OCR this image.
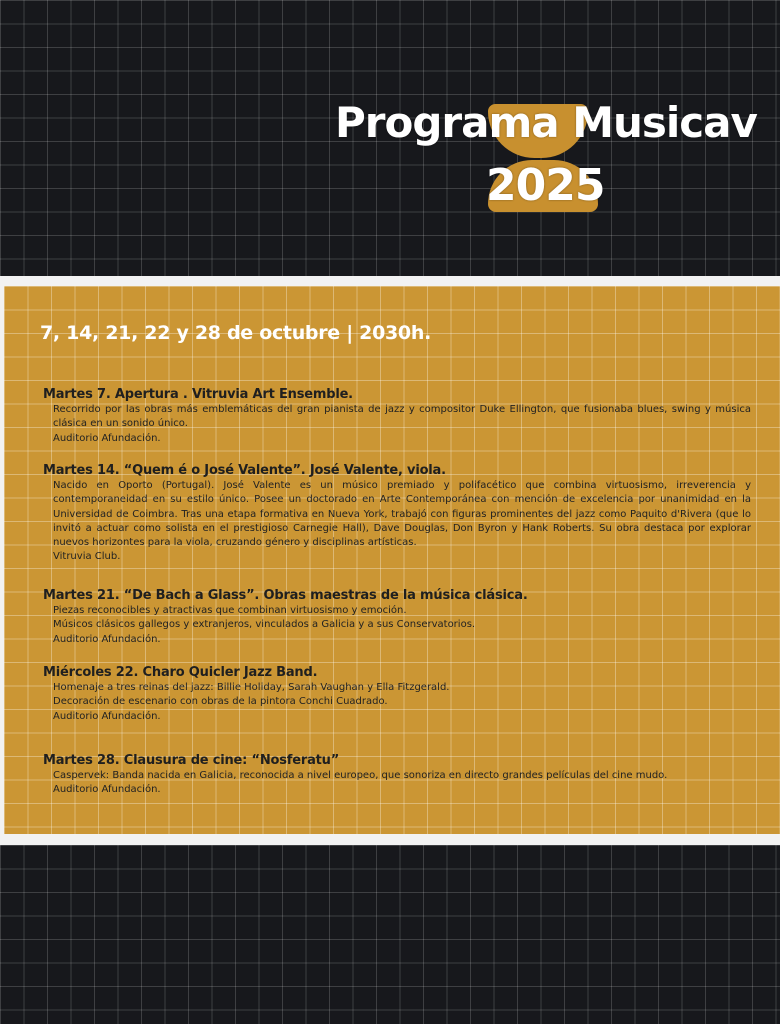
Programa Musicav
2025
7, 14, 21, 22 y 28 de octubre | 2030h.
Martes 7. Apertura . Vitruvia Art Ensemble.

Recorrido por las obras más emblemáticas del gran pianista de jazz y compositor Duke Ellington, que fusionaba blues, swing y música clásica en un sonido único.

Auditorio Afundación.

Martes 14. “Quem é o José Valente”. José Valente, viola.

Nacido en Oporto (Portugal). José Valente es un músico premiado y polifacético que combina virtuosismo, irreverencia y contemporaneidad en su estilo único. Posee un doctorado en Arte Contemporánea con mención de excelencia por unanimidad en la Universidad de Coimbra. Tras una etapa formativa en Nueva York, trabajó con figuras prominentes del jazz como Paquito d'Rivera (que lo invitó a actuar como solista en el prestigioso Carnegie Hall), Dave Douglas, Don Byron y Hank Roberts. Su obra destaca por explorar nuevos horizontes para la viola, cruzando género y disciplinas artísticas.

Vitruvia Club.

Martes 21. “De Bach a Glass”. Obras maestras de la música clásica.

Piezas reconocibles y atractivas que combinan virtuosismo y emoción.

Músicos clásicos gallegos y extranjeros, vinculados a Galicia y a sus Conservatorios.

Auditorio Afundación.

Miércoles 22. Charo Quicler Jazz Band.

Homenaje a tres reinas del jazz: Billie Holiday, Sarah Vaughan y Ella Fitzgerald.

Decoración de escenario con obras de la pintora Conchi Cuadrado.

Auditorio Afundación.

Martes 28. Clausura de cine: “Nosferatu”

Caspervek: Banda nacida en Galicia, reconocida a nivel europeo, que sonoriza en directo grandes películas del cine mudo.

Auditorio Afundación.
